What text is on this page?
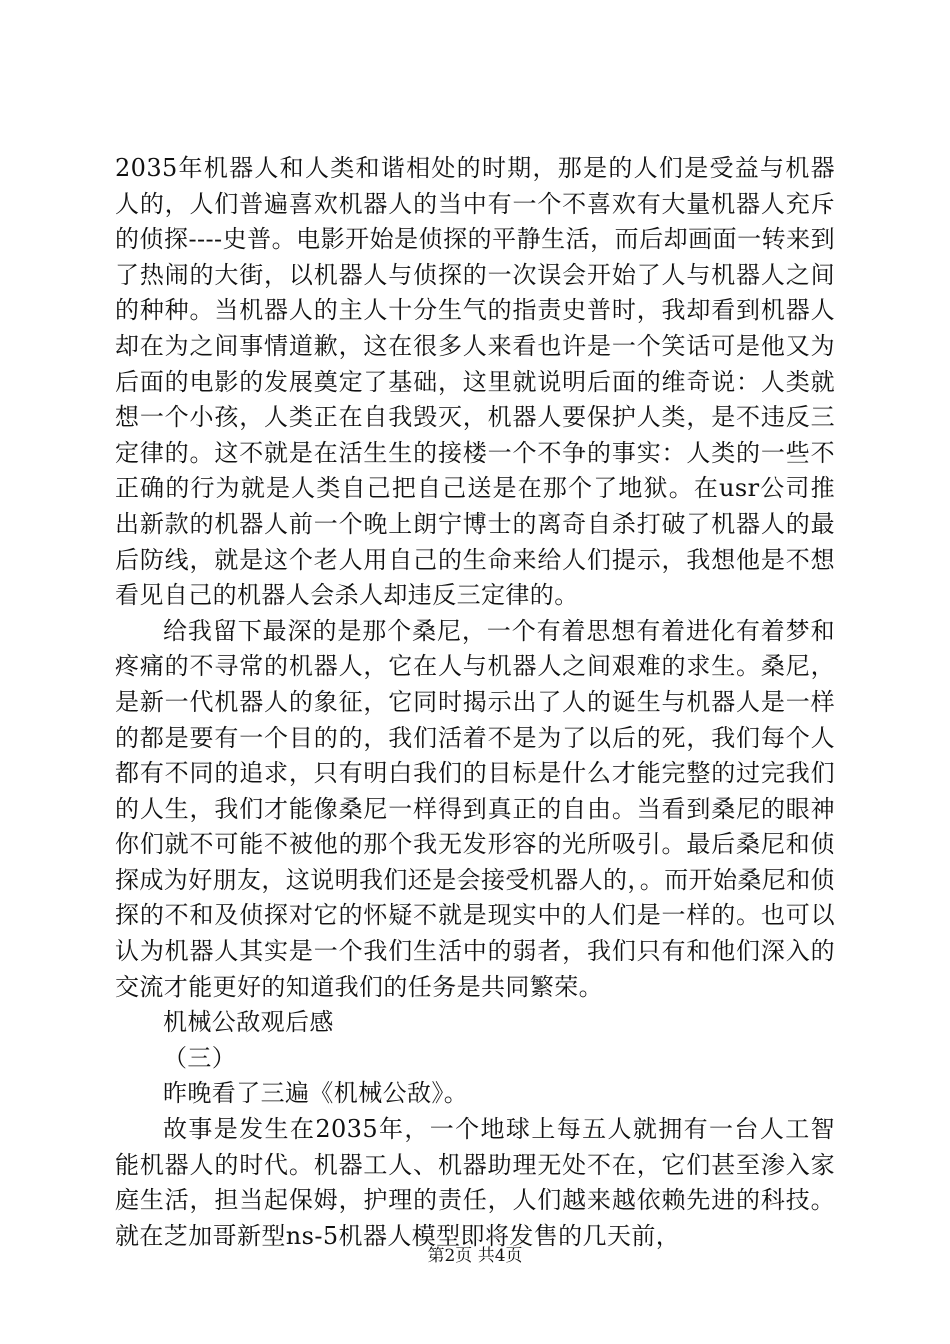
2035年机器人和人类和谐相处的时期，那是的人们是受益与机器人的，人们普遍喜欢机器人的当中有一个不喜欢有大量机器人充斥的侦探----史普。电影开始是侦探的平静生活，而后却画面一转来到了热闹的大街，以机器人与侦探的一次误会开始了人与机器人之间的种种。当机器人的主人十分生气的指责史普时，我却看到机器人却在为之间事情道歉，这在很多人来看也许是一个笑话可是他又为后面的电影的发展奠定了基础，这里就说明后面的维奇说：人类就想一个小孩，人类正在自我毁灭，机器人要保护人类，是不违反三定律的。这不就是在活生生的接楼一个不争的事实：人类的一些不正确的行为就是人类自己把自己送是在那个了地狱。在usr公司推出新款的机器人前一个晚上朗宁博士的离奇自杀打破了机器人的最后防线，就是这个老人用自己的生命来给人们提示，我想他是不想看见自己的机器人会杀人却违反三定律的。

给我留下最深的是那个桑尼，一个有着思想有着进化有着梦和疼痛的不寻常的机器人，它在人与机器人之间艰难的求生。桑尼，是新一代机器人的象征，它同时揭示出了人的诞生与机器人是一样的都是要有一个目的的，我们活着不是为了以后的死，我们每个人都有不同的追求，只有明白我们的目标是什么才能完整的过完我们的人生，我们才能像桑尼一样得到真正的自由。当看到桑尼的眼神你们就不可能不被他的那个我无发形容的光所吸引。最后桑尼和侦探成为好朋友，这说明我们还是会接受机器人的，。而开始桑尼和侦探的不和及侦探对它的怀疑不就是现实中的人们是一样的。也可以认为机器人其实是一个我们生活中的弱者，我们只有和他们深入的交流才能更好的知道我们的任务是共同繁荣。

机械公敌观后感

（三）

昨晚看了三遍《机械公敌》。

故事是发生在2035年，一个地球上每五人就拥有一台人工智能机器人的时代。机器工人、机器助理无处不在，它们甚至渗入家庭生活，担当起保姆，护理的责任，人们越来越依赖先进的科技。就在芝加哥新型ns-5机器人模型即将发售的几天前，

第2页 共4页
